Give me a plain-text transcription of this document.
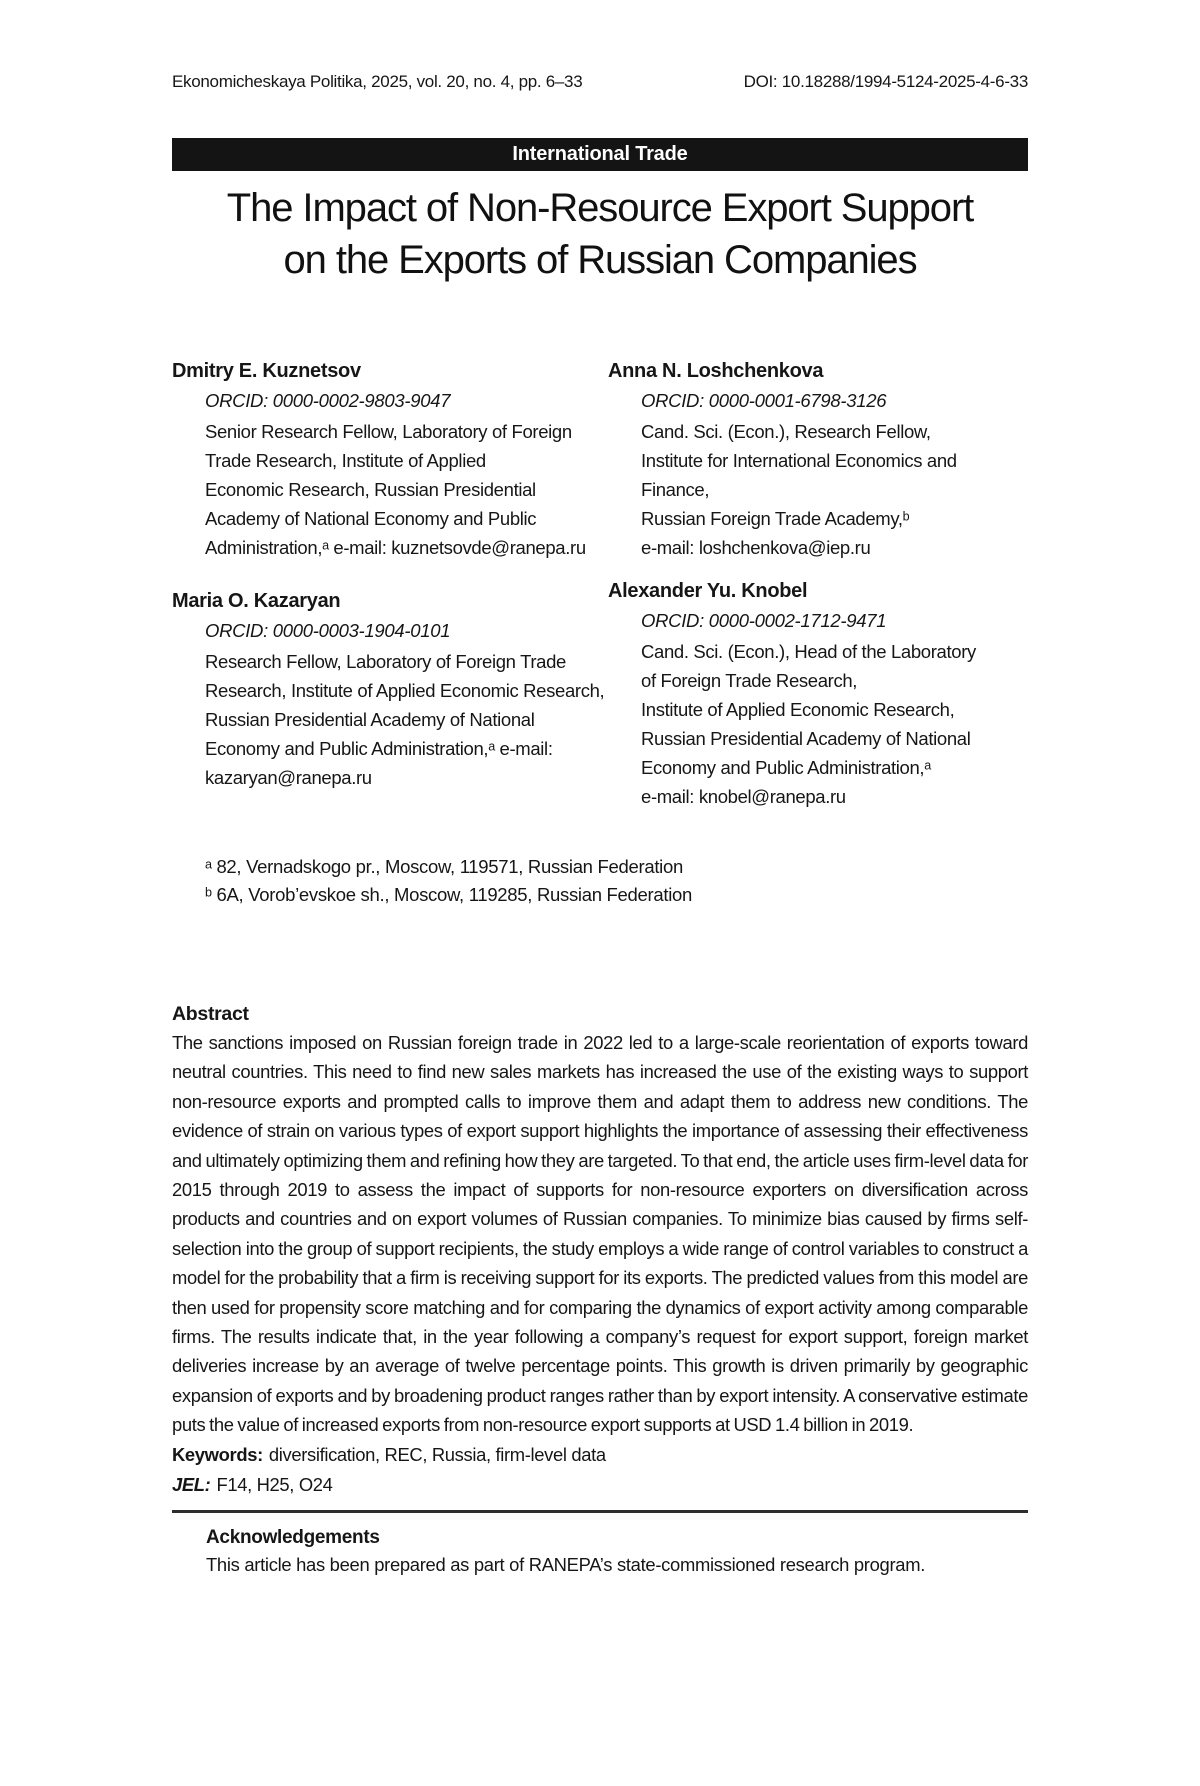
Ekonomicheskaya Politika, 2025, vol. 20, no. 4, pp. 6–33	DOI: 10.18288/1994-5124-2025-4-6-33
International Trade
The Impact of Non-Resource Export Support
on the Exports of Russian Companies
Dmitry E. Kuznetsov
ORCID: 0000-0002-9803-9047
Senior Research Fellow, Laboratory of Foreign
Trade Research, Institute of Applied
Economic Research, Russian Presidential
Academy of National Economy and Public
Administration,ᵃ e-mail: kuznetsovde@ranepa.ru
Maria O. Kazaryan
ORCID: 0000-0003-1904-0101
Research Fellow, Laboratory of Foreign Trade
Research, Institute of Applied Economic Research,
Russian Presidential Academy of National
Economy and Public Administration,ᵃ e-mail:
kazaryan@ranepa.ru
Anna N. Loshchenkova
ORCID: 0000-0001-6798-3126
Cand. Sci. (Econ.), Research Fellow,
Institute for International Economics and Finance,
Russian Foreign Trade Academy,ᵇ
e-mail: loshchenkova@iep.ru
Alexander Yu. Knobel
ORCID: 0000-0002-1712-9471
Cand. Sci. (Econ.), Head of the Laboratory
of Foreign Trade Research,
Institute of Applied Economic Research,
Russian Presidential Academy of National
Economy and Public Administration,ᵃ
e-mail: knobel@ranepa.ru
ᵃ 82, Vernadskogo pr., Moscow, 119571, Russian Federation
ᵇ 6A, Vorob’evskoe sh., Moscow, 119285, Russian Federation
Abstract

The sanctions imposed on Russian foreign trade in 2022 led to a large-scale reorientation of exports toward neutral countries. This need to find new sales markets has increased the use of the existing ways to support non-resource exports and prompted calls to improve them and adapt them to address new conditions. The evidence of strain on various types of export support highlights the importance of assessing their effectiveness and ultimately optimizing them and refining how they are targeted. To that end, the article uses firm-level data for 2015 through 2019 to assess the impact of supports for non-resource exporters on diversification across products and countries and on export volumes of Russian companies. To minimize bias caused by firms self-selection into the group of support recipients, the study employs a wide range of control variables to construct a model for the probability that a firm is receiving support for its exports. The predicted values from this model are then used for propensity score matching and for comparing the dynamics of export activity among comparable firms. The results indicate that, in the year following a company’s request for export support, foreign market deliveries increase by an average of twelve percentage points. This growth is driven primarily by geographic expansion of exports and by broadening product ranges rather than by export intensity. A conservative estimate puts the value of increased exports from non-resource export supports at USD 1.4 billion in 2019.

Keywords: diversification, REC, Russia, firm-level data

JEL: F14, H25, O24

Acknowledgements
This article has been prepared as part of RANEPA’s state-commissioned research program.
